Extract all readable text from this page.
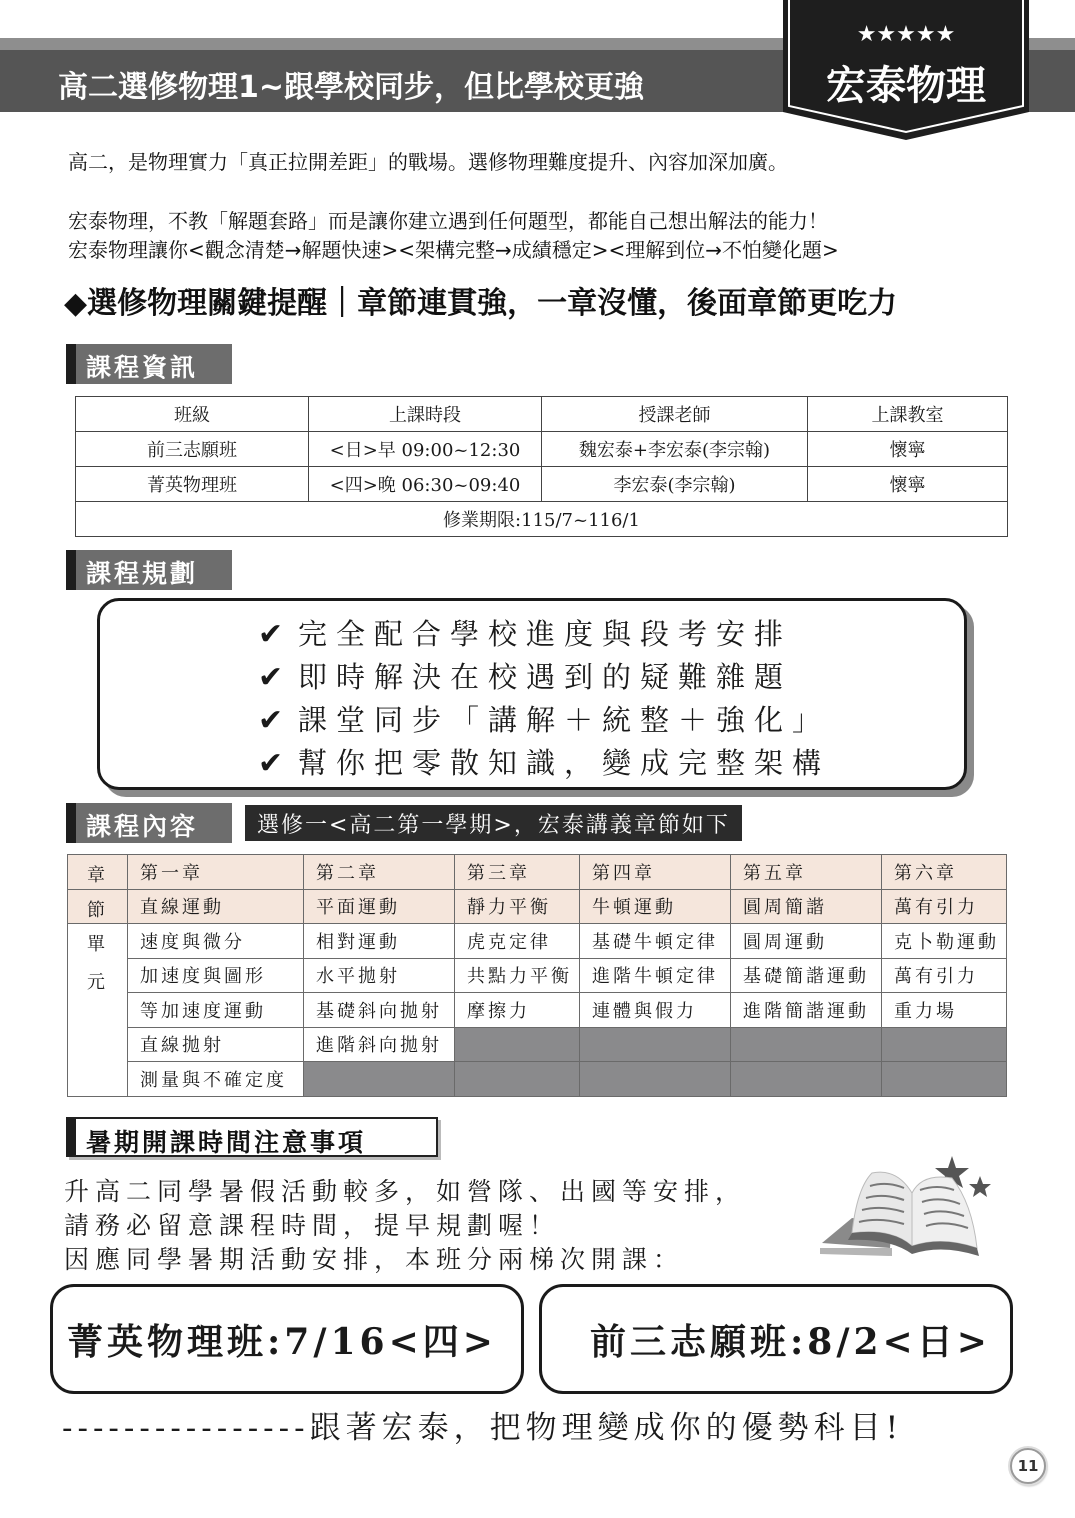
高二選修物理1~跟學校同步，但比學校更強
★★★★★
宏泰物理
高二，是物理實力「真正拉開差距」的戰場。選修物理難度提升、內容加深加廣。
宏泰物理，不教「解題套路」而是讓你建立遇到任何題型，都能自己想出解法的能力！
宏泰物理讓你<觀念清楚→解題快速><架構完整→成績穩定><理解到位→不怕變化題>
◆選修物理關鍵提醒｜章節連貫強，一章沒懂，後面章節更吃力
課程資訊
班級	上課時段	授課老師	上課教室
前三志願班	<日>早 09:00~12:30	魏宏泰+李宏泰(李宗翰)	懷寧
菁英物理班	<四>晚 06:30~09:40	李宏泰(李宗翰)	懷寧
修業期限:115/7~116/1			
課程規劃
✔ 完全配合學校進度與段考安排
✔ 即時解決在校遇到的疑難雜題
✔ 課堂同步「講解＋統整＋強化」
✔ 幫你把零散知識，變成完整架構
課程內容	選修一<高二第一學期>，宏泰講義章節如下
章	第一章	第二章	第三章	第四章	第五章	第六章
節	直線運動	平面運動	靜力平衡	牛頓運動	圓周簡諧	萬有引力

單
元	速度與微分	相對運動	虎克定律	基礎牛頓定律	圓周運動	克卜勒運動
	加速度與圖形	水平拋射	共點力平衡	進階牛頓定律	基礎簡諧運動	萬有引力
	等加速度運動	基礎斜向拋射	摩擦力	連體與假力	進階簡諧運動	重力場
	直線拋射	進階斜向拋射				
	測量與不確定度					
暑期開課時間注意事項
升高二同學暑假活動較多，如營隊、出國等安排，
請務必留意課程時間，提早規劃喔！
因應同學暑期活動安排，本班分兩梯次開課：
菁英物理班:7/16<四>	前三志願班:8/2<日>
----------------跟著宏泰，把物理變成你的優勢科目!
11
